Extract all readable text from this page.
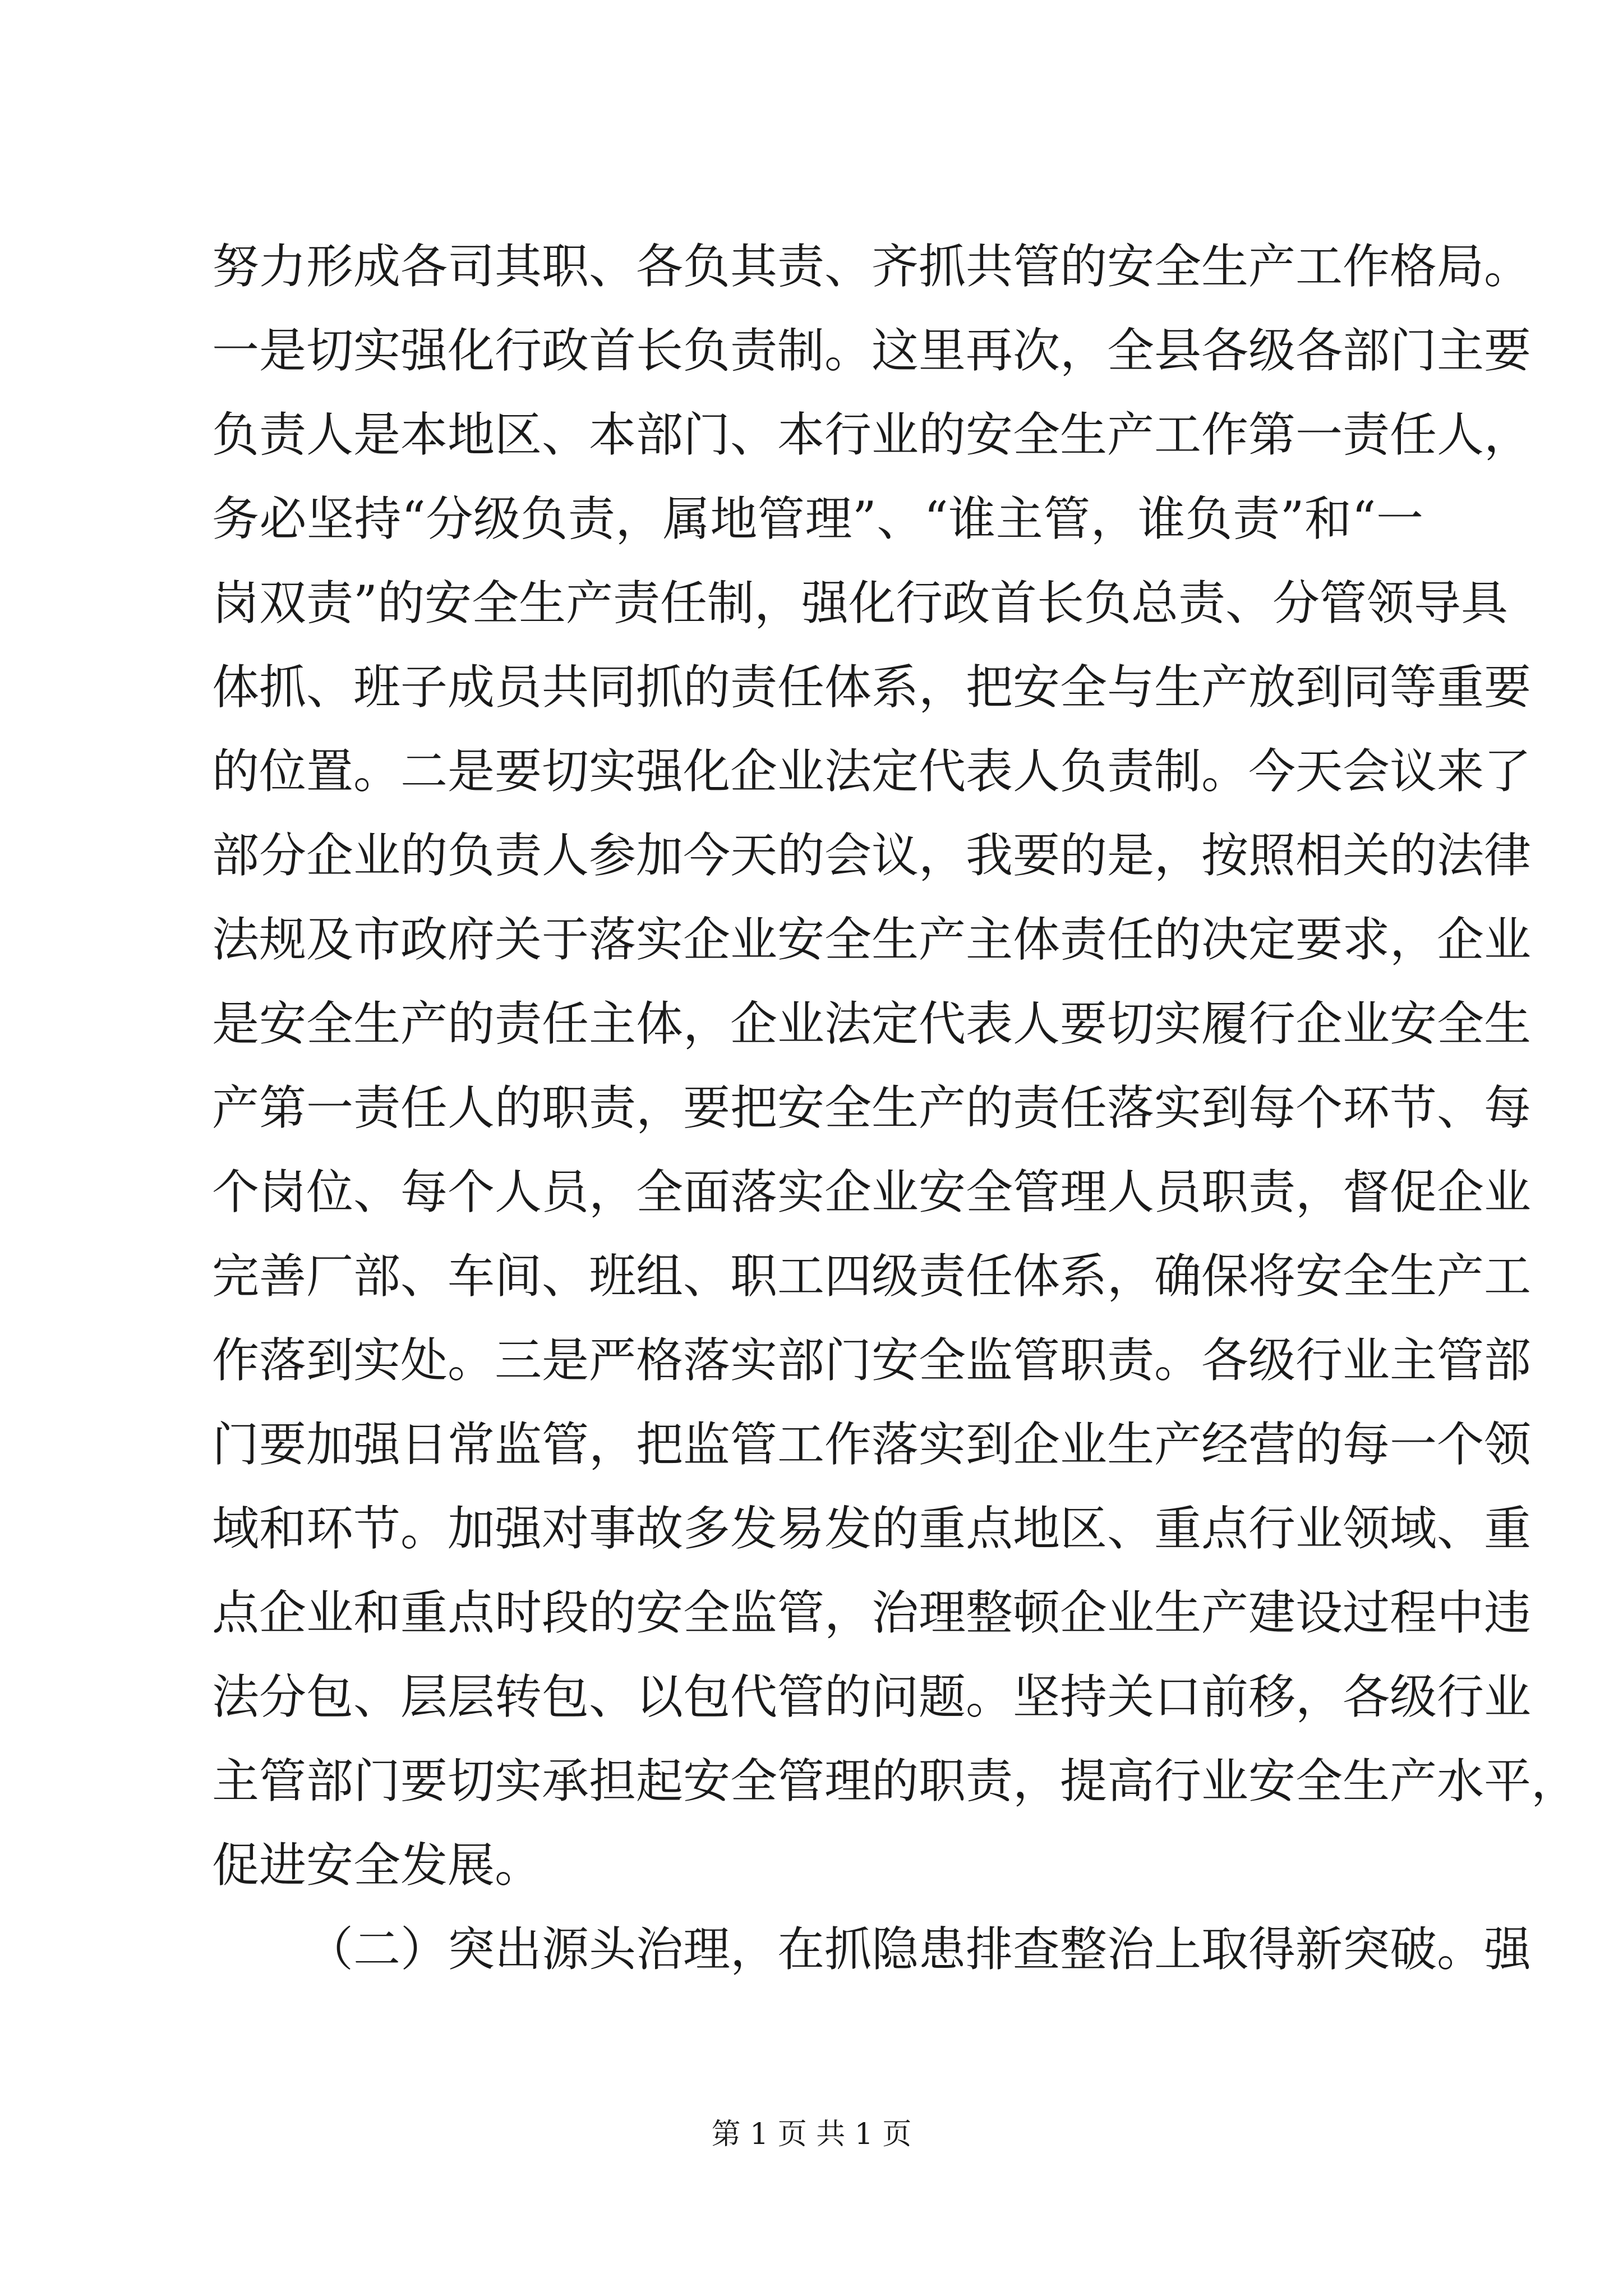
努力形成各司其职、各负其责、齐抓共管的安全生产工作格局。
一是切实强化行政首长负责制。这里再次，全县各级各部门主要
负责人是本地区、本部门、本行业的安全生产工作第一责任人，
务必坚持“分级负责，属地管理”、“谁主管，谁负责”和“一
岗双责”的安全生产责任制，强化行政首长负总责、分管领导具
体抓、班子成员共同抓的责任体系，把安全与生产放到同等重要
的位置。二是要切实强化企业法定代表人负责制。今天会议来了
部分企业的负责人参加今天的会议，我要的是，按照相关的法律
法规及市政府关于落实企业安全生产主体责任的决定要求，企业
是安全生产的责任主体，企业法定代表人要切实履行企业安全生
产第一责任人的职责，要把安全生产的责任落实到每个环节、每
个岗位、每个人员，全面落实企业安全管理人员职责，督促企业
完善厂部、车间、班组、职工四级责任体系，确保将安全生产工
作落到实处。三是严格落实部门安全监管职责。各级行业主管部
门要加强日常监管，把监管工作落实到企业生产经营的每一个领
域和环节。加强对事故多发易发的重点地区、重点行业领域、重
点企业和重点时段的安全监管，治理整顿企业生产建设过程中违
法分包、层层转包、以包代管的问题。坚持关口前移，各级行业
主管部门要切实承担起安全管理的职责，提高行业安全生产水平，
促进安全发展。
（二）突出源头治理，在抓隐患排查整治上取得新突破。强
第 1 页 共 1 页
